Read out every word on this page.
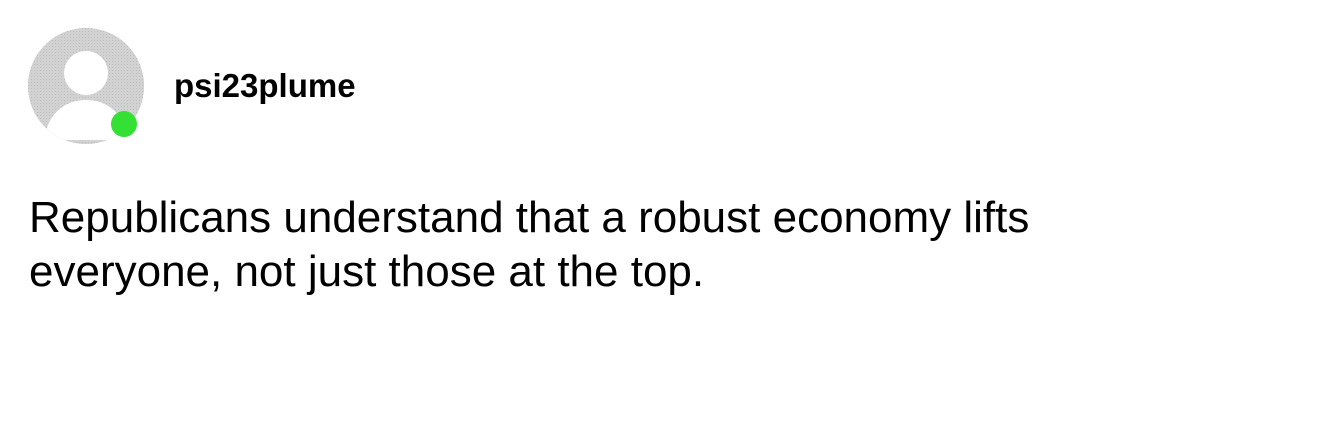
psi23plume
Republicans understand that a robust economy lifts everyone, not just those at the top.
